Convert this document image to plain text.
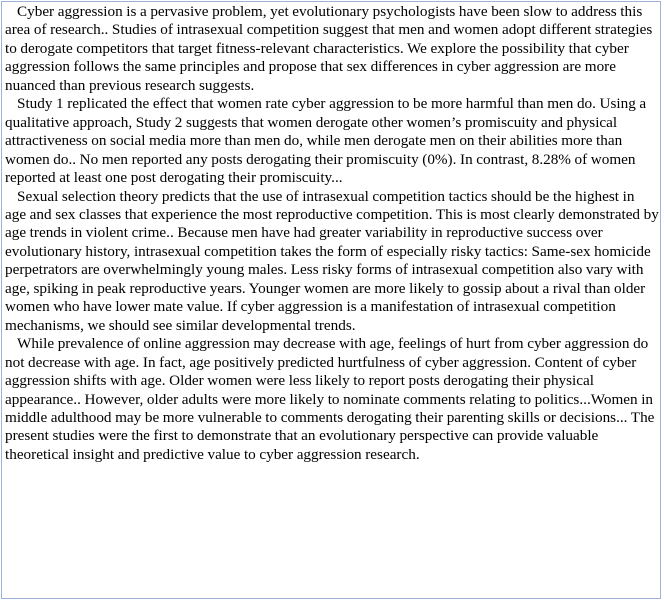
Cyber aggression is a pervasive problem, yet evolutionary psychologists have been slow to address this area of research.. Studies of intrasexual competition suggest that men and women adopt different strategies to derogate competitors that target fitness-relevant characteristics. We explore the possibility that cyber aggression follows the same principles and propose that sex differences in cyber aggression are more nuanced than previous research suggests.

Study 1 replicated the effect that women rate cyber aggression to be more harmful than men do. Using a qualitative approach, Study 2 suggests that women derogate other women’s promiscuity and physical attractiveness on social media more than men do, while men derogate men on their abilities more than women do.. No men reported any posts derogating their promiscuity (0%). In contrast, 8.28% of women reported at least one post derogating their promiscuity...

Sexual selection theory predicts that the use of intrasexual competition tactics should be the highest in age and sex classes that experience the most reproductive competition. This is most clearly demonstrated by age trends in violent crime.. Because men have had greater variability in reproductive success over evolutionary history, intrasexual competition takes the form of especially risky tactics: Same-sex homicide perpetrators are overwhelmingly young males. Less risky forms of intrasexual competition also vary with age, spiking in peak reproductive years. Younger women are more likely to gossip about a rival than older women who have lower mate value. If cyber aggression is a manifestation of intrasexual competition mechanisms, we should see similar developmental trends.

While prevalence of online aggression may decrease with age, feelings of hurt from cyber aggression do not decrease with age. In fact, age positively predicted hurtfulness of cyber aggression. Content of cyber aggression shifts with age. Older women were less likely to report posts derogating their physical appearance.. However, older adults were more likely to nominate comments relating to politics...Women in middle adulthood may be more vulnerable to comments derogating their parenting skills or decisions... The present studies were the first to demonstrate that an evolutionary perspective can provide valuable theoretical insight and predictive value to cyber aggression research.
